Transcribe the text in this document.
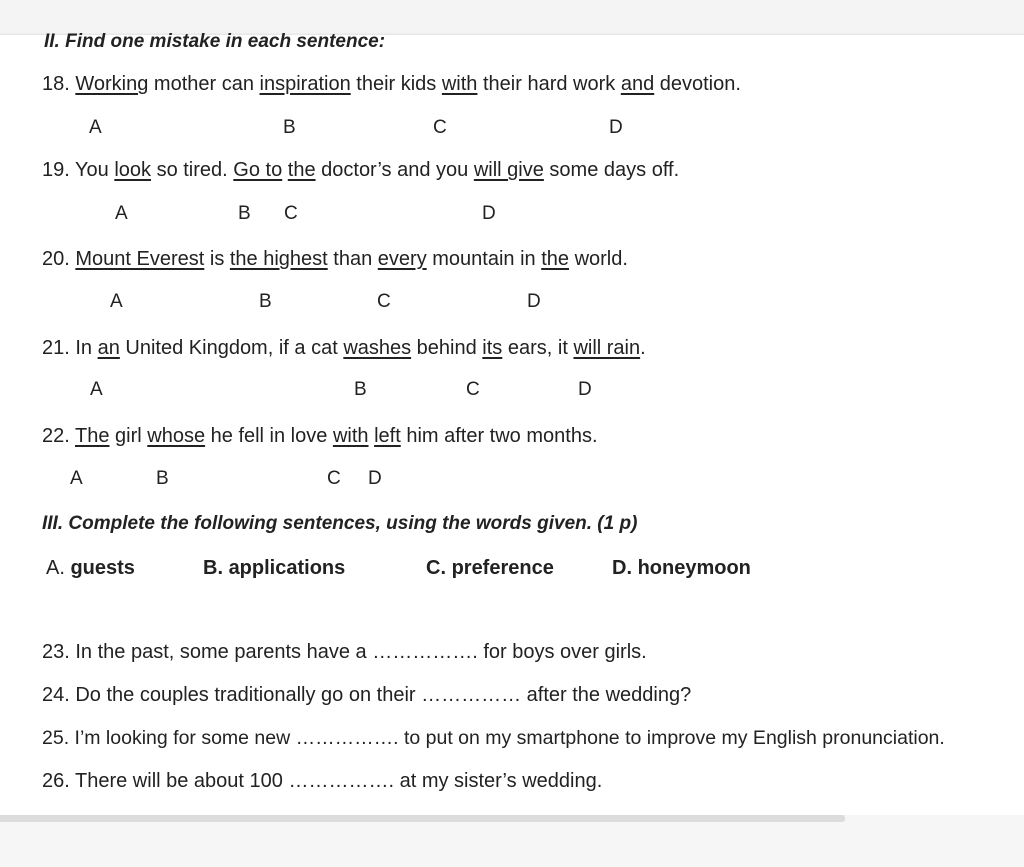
II. Find one mistake in each sentence:
18. Working mother can inspiration their kids with their hard work and devotion.
A	B	C	D
19. You look so tired. Go to the doctor’s and you will give some days off.
A	B C	D
20. Mount Everest is the highest than every mountain in the world.
A	B	C	D
21. In an United Kingdom, if a cat washes behind its ears, it will rain.
A	B	C	D
22. The girl whose he fell in love with left him after two months.
A	B	C D
III. Complete the following sentences, using the words given. (1 p)
A. guests	B. applications	C. preference	D. honeymoon
23. In the past, some parents have a ……………. for boys over girls.
24. Do the couples traditionally go on their …………… after the wedding?
25. I’m looking for some new ……………. to put on my smartphone to improve my English pronunciation.
26. There will be about 100 ……………. at my sister’s wedding.
